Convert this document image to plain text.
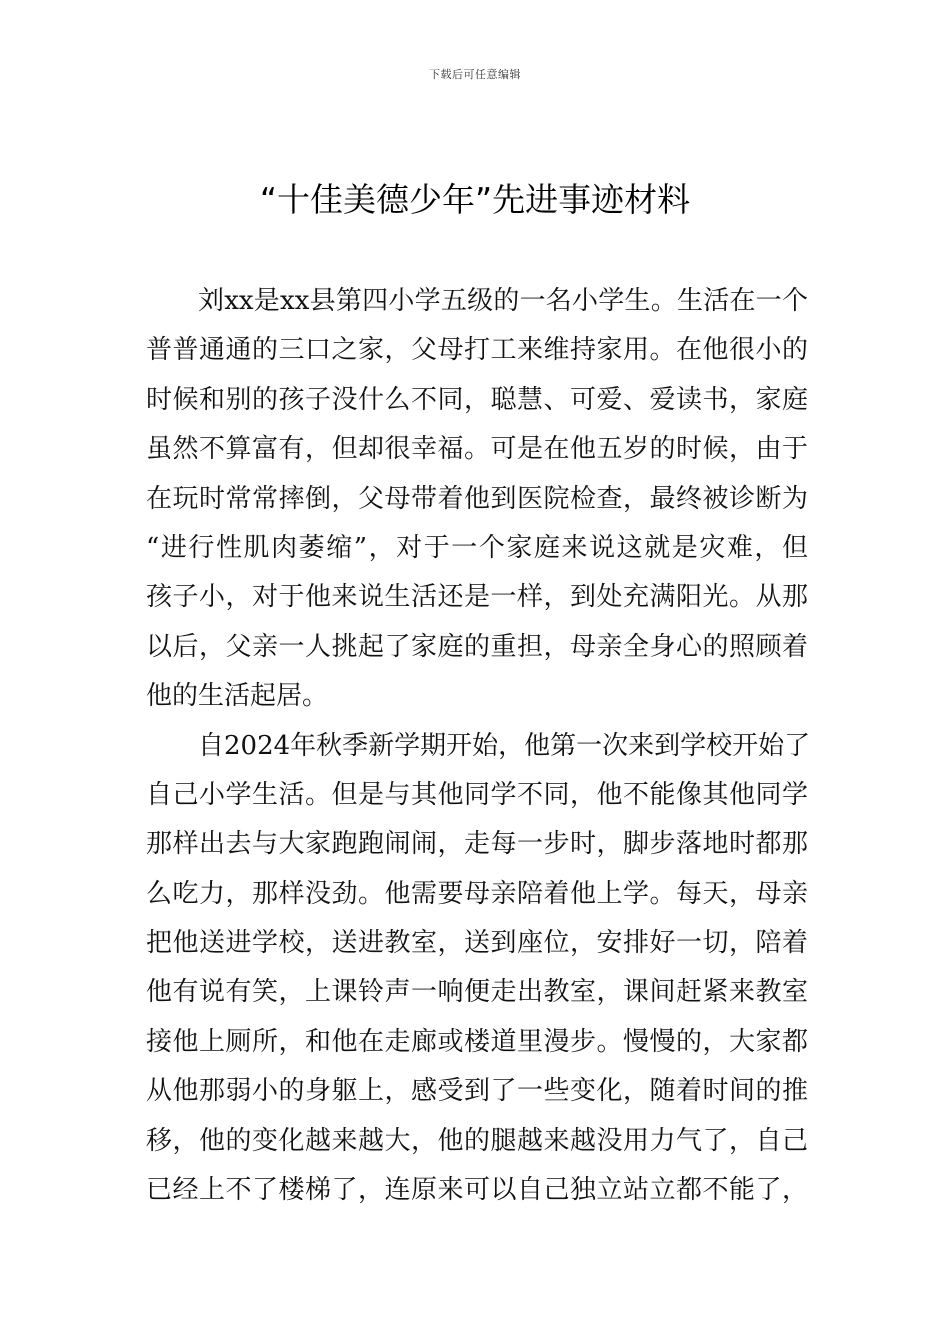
下载后可任意编辑
“十佳美德少年”先进事迹材料
刘xx是xx县第四小学五级的一名小学生。生活在一个
普普通通的三口之家，父母打工来维持家用。在他很小的
时候和别的孩子没什么不同，聪慧、可爱、爱读书，家庭
虽然不算富有，但却很幸福。可是在他五岁的时候，由于
在玩时常常摔倒，父母带着他到医院检查，最终被诊断为
“进行性肌肉萎缩”，对于一个家庭来说这就是灾难，但
孩子小，对于他来说生活还是一样，到处充满阳光。从那
以后，父亲一人挑起了家庭的重担，母亲全身心的照顾着
他的生活起居。
自2024年秋季新学期开始，他第一次来到学校开始了
自己小学生活。但是与其他同学不同，他不能像其他同学
那样出去与大家跑跑闹闹，走每一步时，脚步落地时都那
么吃力，那样没劲。他需要母亲陪着他上学。每天，母亲
把他送进学校，送进教室，送到座位，安排好一切，陪着
他有说有笑，上课铃声一响便走出教室，课间赶紧来教室
接他上厕所，和他在走廊或楼道里漫步。慢慢的，大家都
从他那弱小的身躯上，感受到了一些变化，随着时间的推
移，他的变化越来越大，他的腿越来越没用力气了，自己
已经上不了楼梯了，连原来可以自己独立站立都不能了，
